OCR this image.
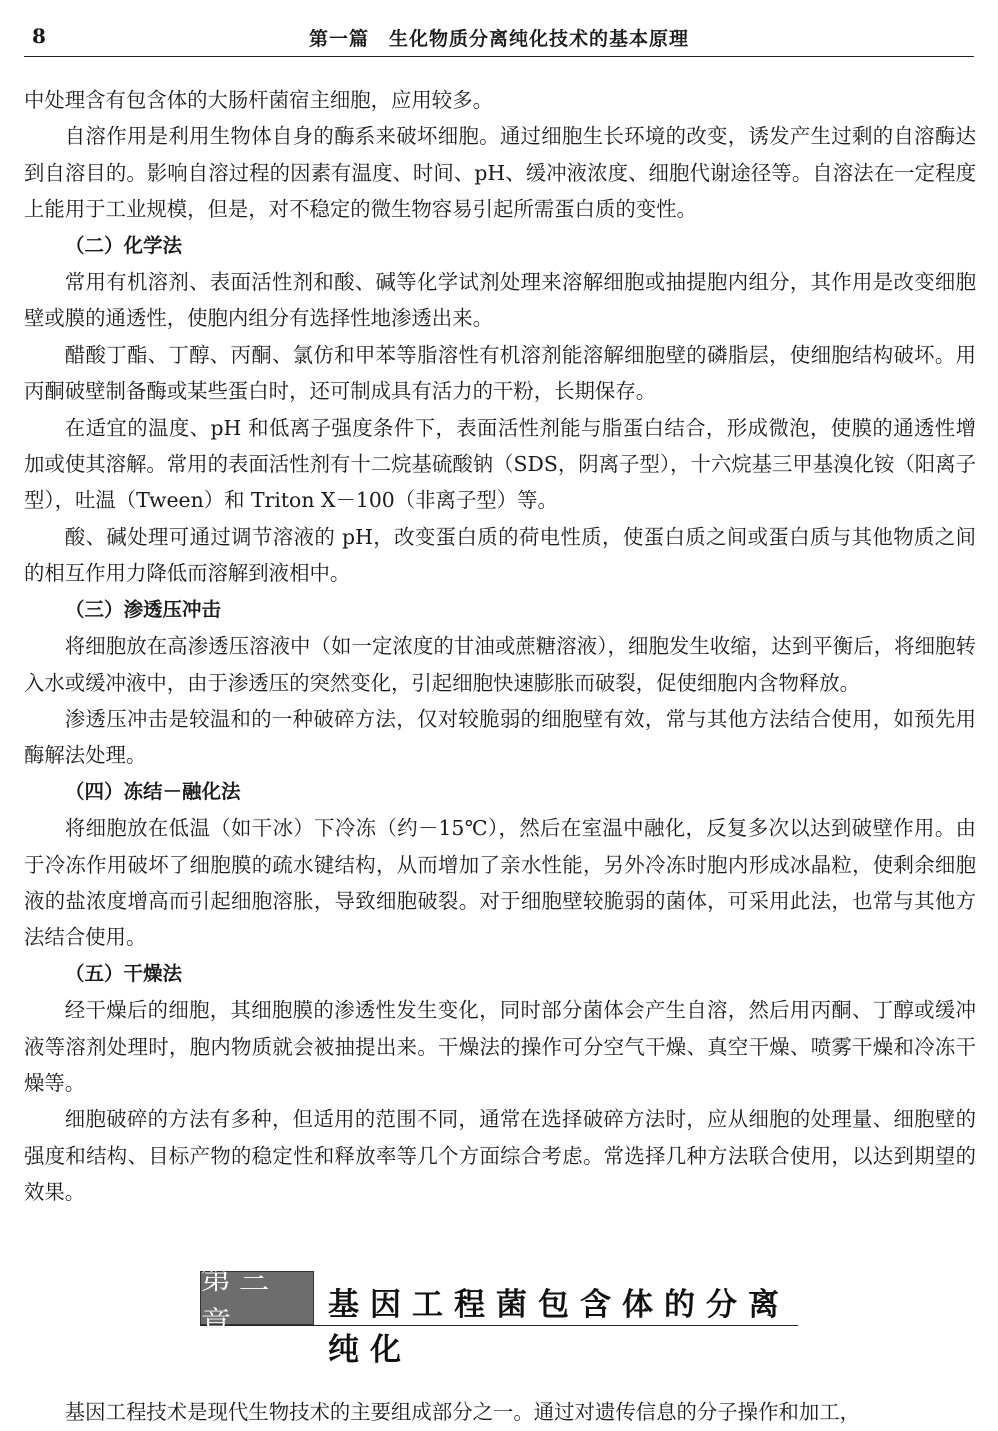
8	第一篇　生化物质分离纯化技术的基本原理

中处理含有包含体的大肠杆菌宿主细胞，应用较多。

自溶作用是利用生物体自身的酶系来破坏细胞。通过细胞生长环境的改变，诱发产生过剩的自溶酶达到自溶目的。影响自溶过程的因素有温度、时间、pH、缓冲液浓度、细胞代谢途径等。自溶法在一定程度上能用于工业规模，但是，对不稳定的微生物容易引起所需蛋白质的变性。

（二）化学法

常用有机溶剂、表面活性剂和酸、碱等化学试剂处理来溶解细胞或抽提胞内组分，其作用是改变细胞壁或膜的通透性，使胞内组分有选择性地渗透出来。

醋酸丁酯、丁醇、丙酮、氯仿和甲苯等脂溶性有机溶剂能溶解细胞壁的磷脂层，使细胞结构破坏。用丙酮破壁制备酶或某些蛋白时，还可制成具有活力的干粉，长期保存。

在适宜的温度、pH 和低离子强度条件下，表面活性剂能与脂蛋白结合，形成微泡，使膜的通透性增加或使其溶解。常用的表面活性剂有十二烷基硫酸钠（SDS，阴离子型），十六烷基三甲基溴化铵（阳离子型），吐温（Tween）和 Triton X－100（非离子型）等。

酸、碱处理可通过调节溶液的 pH，改变蛋白质的荷电性质，使蛋白质之间或蛋白质与其他物质之间的相互作用力降低而溶解到液相中。

（三）渗透压冲击

将细胞放在高渗透压溶液中（如一定浓度的甘油或蔗糖溶液），细胞发生收缩，达到平衡后，将细胞转入水或缓冲液中，由于渗透压的突然变化，引起细胞快速膨胀而破裂，促使细胞内含物释放。

渗透压冲击是较温和的一种破碎方法，仅对较脆弱的细胞壁有效，常与其他方法结合使用，如预先用酶解法处理。

（四）冻结－融化法

将细胞放在低温（如干冰）下冷冻（约－15℃），然后在室温中融化，反复多次以达到破壁作用。由于冷冻作用破坏了细胞膜的疏水键结构，从而增加了亲水性能，另外冷冻时胞内形成冰晶粒，使剩余细胞液的盐浓度增高而引起细胞溶胀，导致细胞破裂。对于细胞壁较脆弱的菌体，可采用此法，也常与其他方法结合使用。

（五）干燥法

经干燥后的细胞，其细胞膜的渗透性发生变化，同时部分菌体会产生自溶，然后用丙酮、丁醇或缓冲液等溶剂处理时，胞内物质就会被抽提出来。干燥法的操作可分空气干燥、真空干燥、喷雾干燥和冷冻干燥等。

细胞破碎的方法有多种，但适用的范围不同，通常在选择破碎方法时，应从细胞的处理量、细胞壁的强度和结构、目标产物的稳定性和释放率等几个方面综合考虑。常选择几种方法联合使用，以达到期望的效果。

第三章
基因工程菌包含体的分离纯化

基因工程技术是现代生物技术的主要组成部分之一。通过对遗传信息的分子操作和加工，
